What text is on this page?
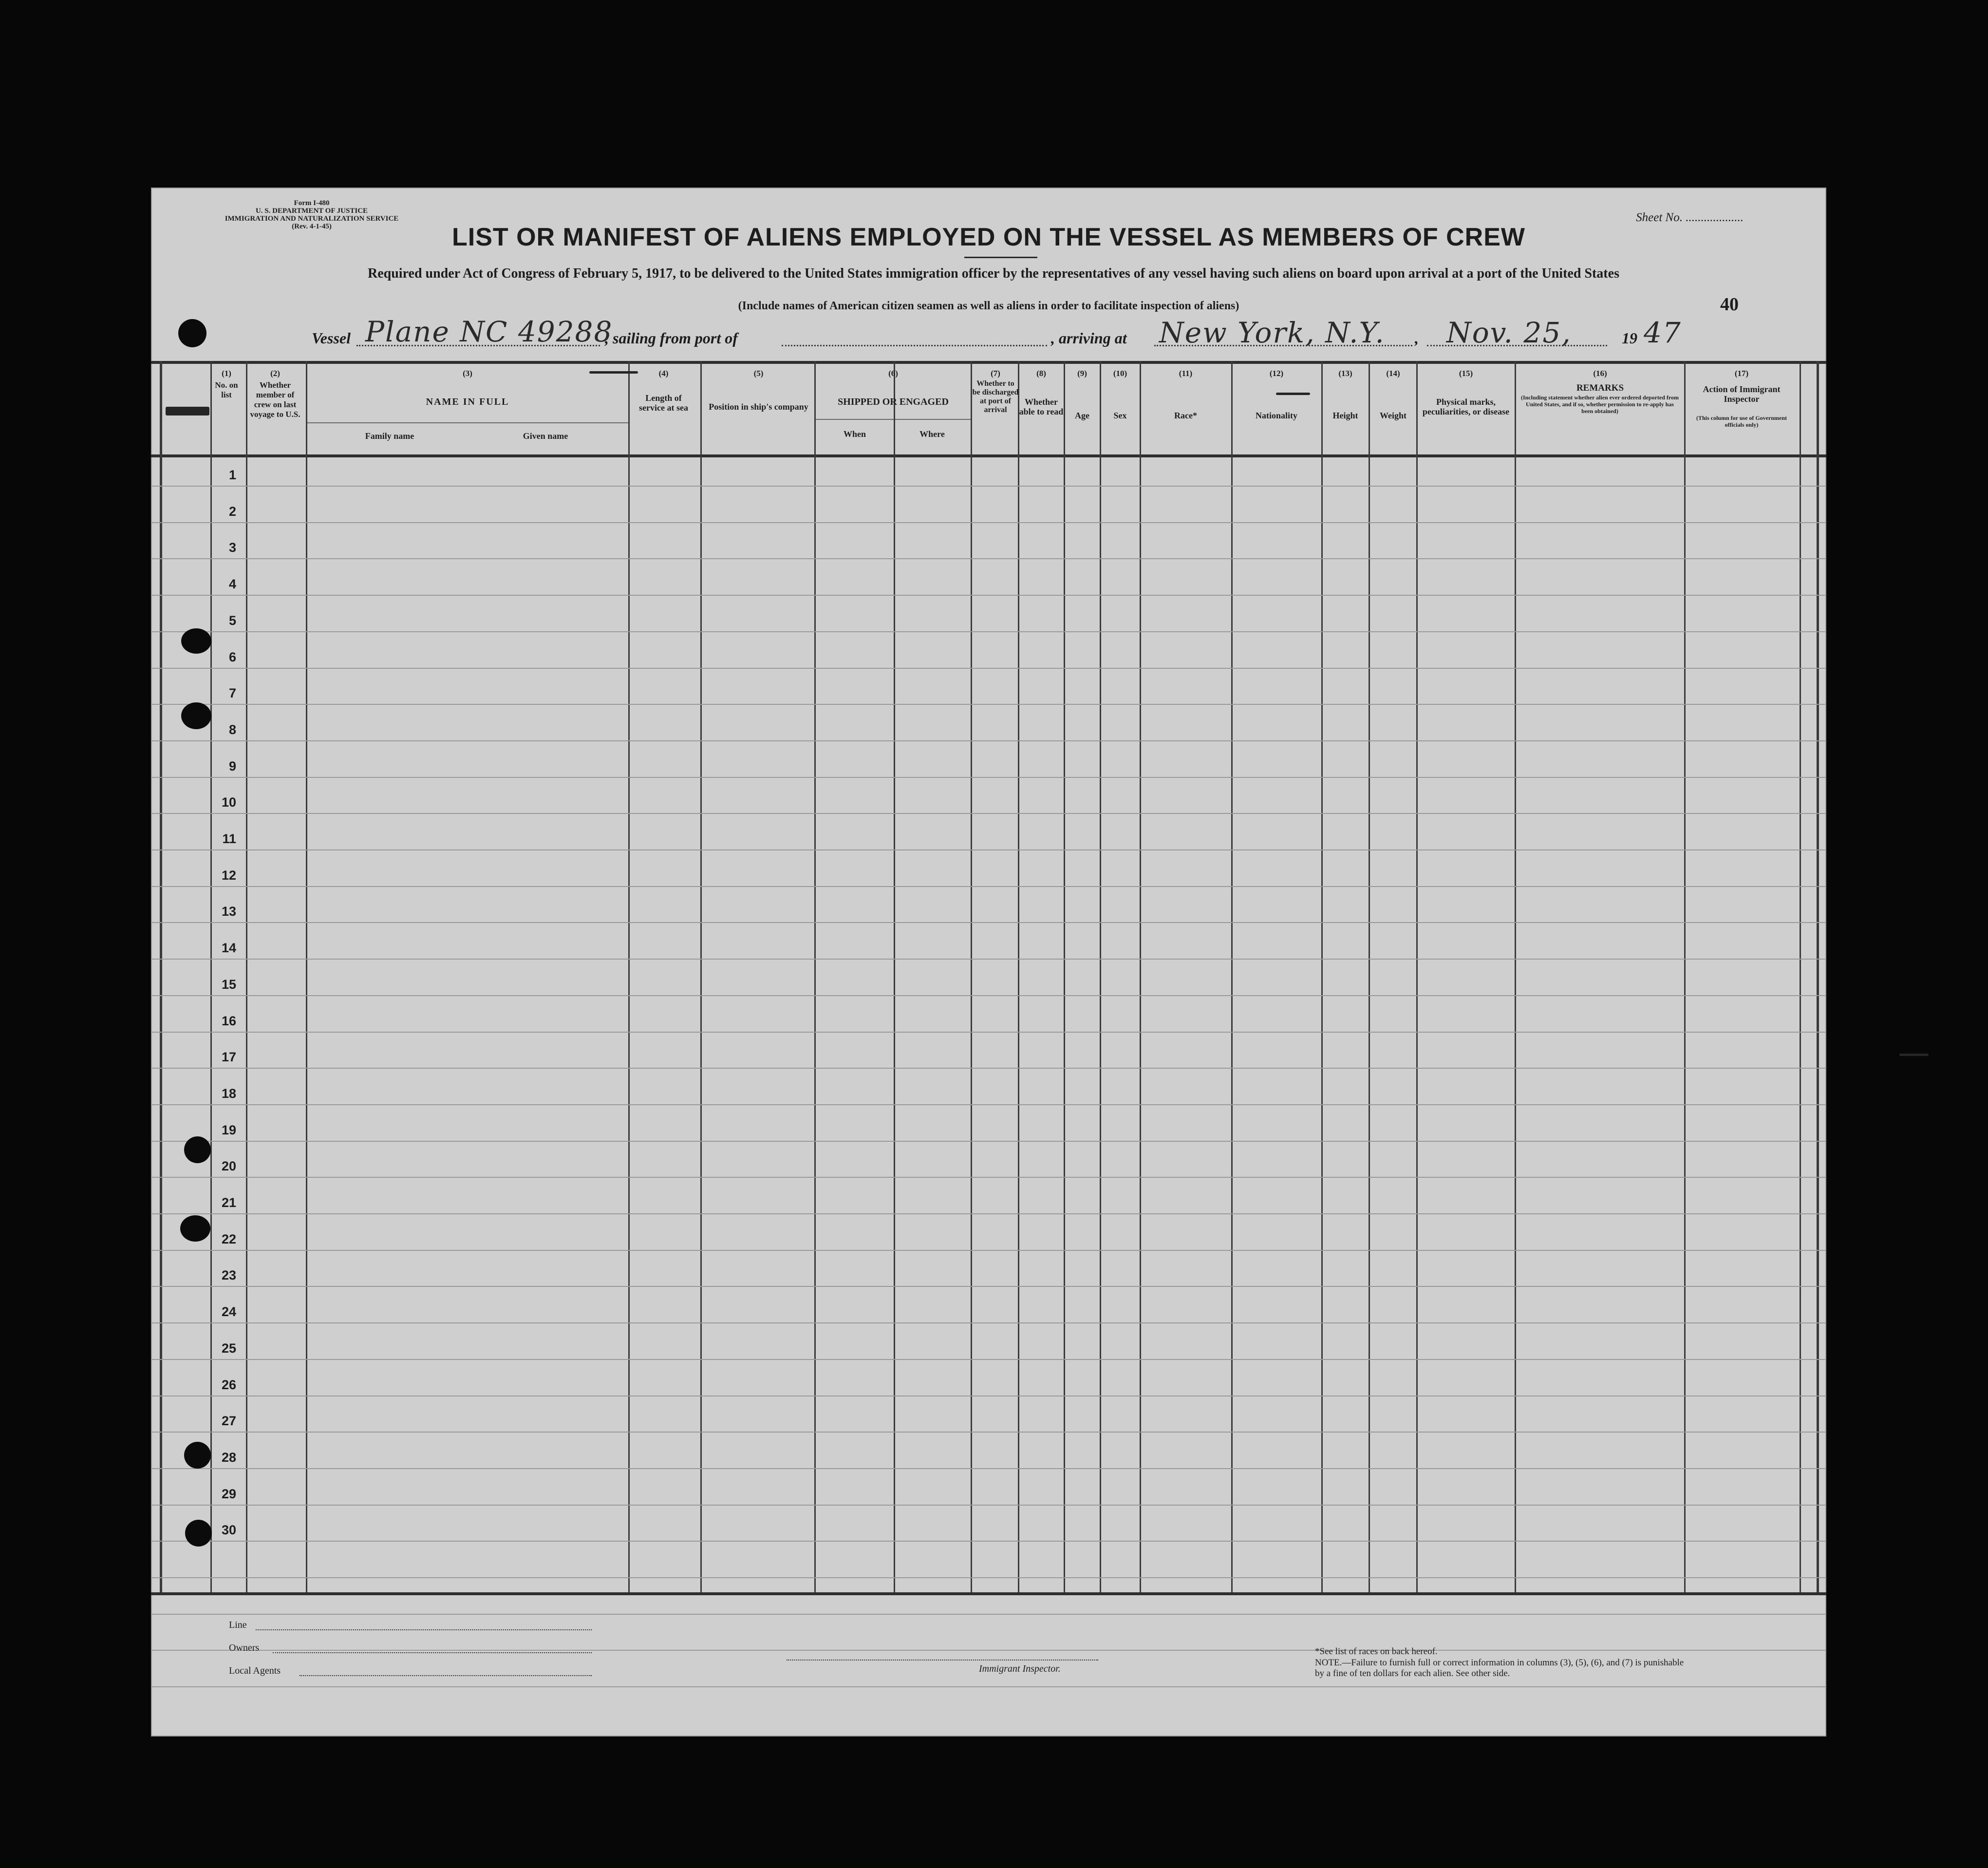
Form I-480
U. S. DEPARTMENT OF JUSTICE
IMMIGRATION AND NATURALIZATION SERVICE
(Rev. 4-1-45)
Sheet No. ...................
LIST OR MANIFEST OF ALIENS EMPLOYED ON THE VESSEL AS MEMBERS OF CREW
Required under Act of Congress of February 5, 1917, to be delivered to the United States immigration officer by the representatives of any vessel having such aliens on board upon arrival at a port of the United States
(Include names of American citizen seamen as well as aliens in order to facilitate inspection of aliens)	40
Vessel Plane NC 49288
, sailing from port of	, arriving at New York, N.Y. , Nov. 25,	19 47
(1)
No. on list
(2)
Whether member of crew on last voyage to U.S.
(3)
NAME IN FULL
Family name	Given name
(4)
Length of service at sea
(5)
Position in ship's company
(6)
SHIPPED OR ENGAGED
When	Where
(7)
Whether to be discharged at port of arrival
(8)
Whether able to read
(9)
Age
(10)
Sex
(11)
Race*
(12)
Nationality
(13)
Height
(14)
Weight
(15)
Physical marks, peculiarities, or disease
(16)
REMARKS
(Including statement whether alien ever ordered deported from United States, and if so, whether permission to re-apply has been obtained)
(17)
Action of Immigrant Inspector
(This column for use of Government officials only)
1
2
3
4
5
6
7
8
9
10
11
12
13
14
15
16
17
18
19
20
21
22
23
24
25
26
27
28
29
30
Line
Owners
Local Agents	Immigrant Inspector.
*See list of races on back hereof.
NOTE.—Failure to furnish full or correct information in columns (3), (5), (6), and (7) is punishable by a fine of ten dollars for each alien. See other side.
